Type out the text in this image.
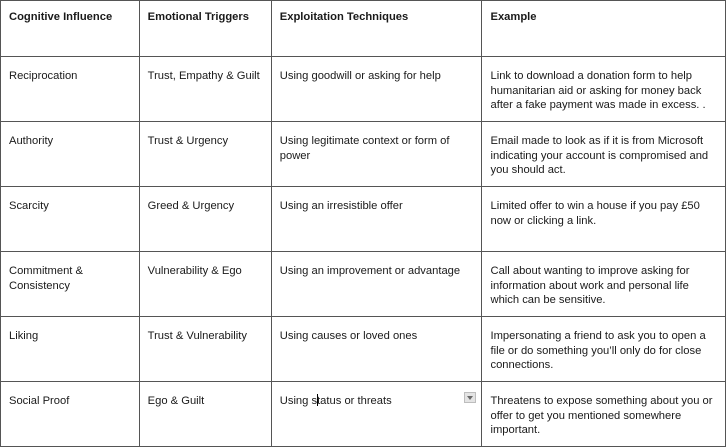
Cognitive Influence	Emotional Triggers	Exploitation Techniques	Example
Reciprocation	Trust, Empathy & Guilt	Using goodwill or asking for help	Link to download a donation form to help humanitarian aid or asking for money back after a fake payment was made in excess. .
Authority	Trust & Urgency	Using legitimate context or form of power	Email made to look as if it is from Microsoft indicating your account is compromised and you should act.
Scarcity	Greed & Urgency	Using an irresistible offer	Limited offer to win a house if you pay £50 now or clicking a link.
Commitment & Consistency	Vulnerability & Ego	Using an improvement or advantage	Call about wanting to improve asking for information about work and personal life which can be sensitive.
Liking	Trust & Vulnerability	Using causes or loved ones	Impersonating a friend to ask you to open a file or do something you’ll only do for close connections.
Social Proof	Ego & Guilt	Using status or threats	Threatens to expose something about you or offer to get you mentioned somewhere important.
